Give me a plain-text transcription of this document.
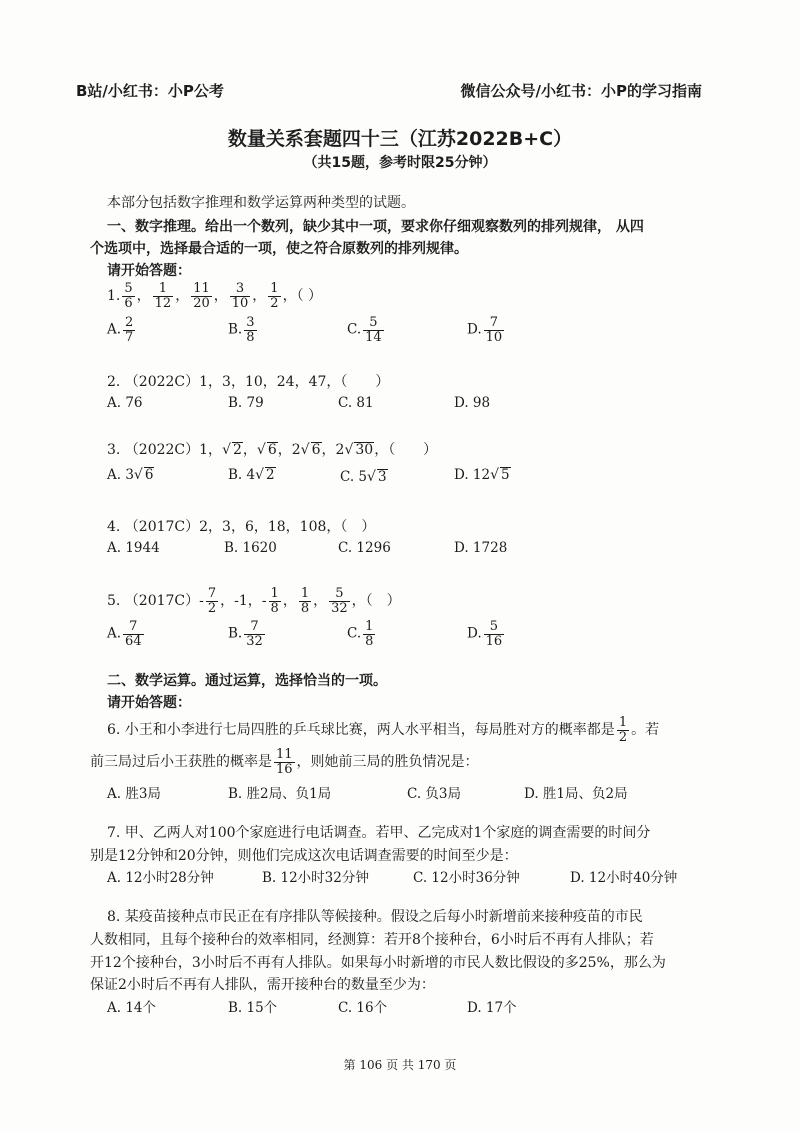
B站/小红书：小P公考	微信公众号/小红书：小P的学习指南
数量关系套题四十三（江苏2022B+C）
（共15题，参考时限25分钟）
本部分包括数字推理和数学运算两种类型的试题。
一、数字推理。给出一个数列，缺少其中一项，要求你仔细观察数列的排列规律， 从四
个选项中，选择最合适的一项，使之符合原数列的排列规律。
请开始答题：
1. $\frac{5}{6}$ ， $\frac{1}{12}$ ， $\frac{11}{20}$ ， $\frac{3}{10}$ ， $\frac{1}{2}$ ，（ ）
A. $\frac{2}{7}$	B. $\frac{3}{8}$	C. $\frac{5}{14}$	D. $\frac{7}{10}$
2. （2022C）1，3，10，24，47，（　　）
A. 76	B. 79	C. 81	D. 98
3. （2022C）1，√ 2，√ 6，2√ 6，2√ 30，（　　）
A. 3√ 6	B. 4√ 2	C. 5√ 3	D. 12√ 5
4. （2017C）2，3，6，18，108，（　）
A. 1944	B. 1620	C. 1296	D. 1728
5. $(2017C)- \frac{7}{2}$ ，-1，- $\frac{1}{8}$ ， $\frac{1}{8}$ ， $\frac{5}{32}$ ，（　）
A. $\frac{7}{64}$	B. $\frac{7}{32}$	C. $\frac{1}{8}$	D. $\frac{5}{16}$
二、数学运算。通过运算，选择恰当的一项。
请开始答题：
6. 小王和小李进行七局四胜的乒乓球比赛，两人水平相当，每局胜对方的概率都是 $\frac{1}{2}$ 。若
前三局过后小王获胜的概率是 $\frac{11}{16}$ ，则她前三局的胜负情况是：
A. 胜3局	B. 胜2局、负1局	C. 负3局	D. 胜1局、负2局
7. 甲、乙两人对100个家庭进行电话调查。若甲、乙完成对1个家庭的调查需要的时间分
别是12分钟和20分钟，则他们完成这次电话调查需要的时间至少是：
A. 12小时28分钟	B. 12小时32分钟	C. 12小时36分钟	D. 12小时40分钟
8. 某疫苗接种点市民正在有序排队等候接种。假设之后每小时新增前来接种疫苗的市民
人数相同，且每个接种台的效率相同，经测算：若开8个接种台，6小时后不再有人排队；若
开12个接种台，3小时后不再有人排队。如果每小时新增的市民人数比假设的多25%，那么为
保证2小时后不再有人排队，需开接种台的数量至少为：
A. 14个	B. 15个	C. 16个	D. 17个
第 106 页 共 170 页
